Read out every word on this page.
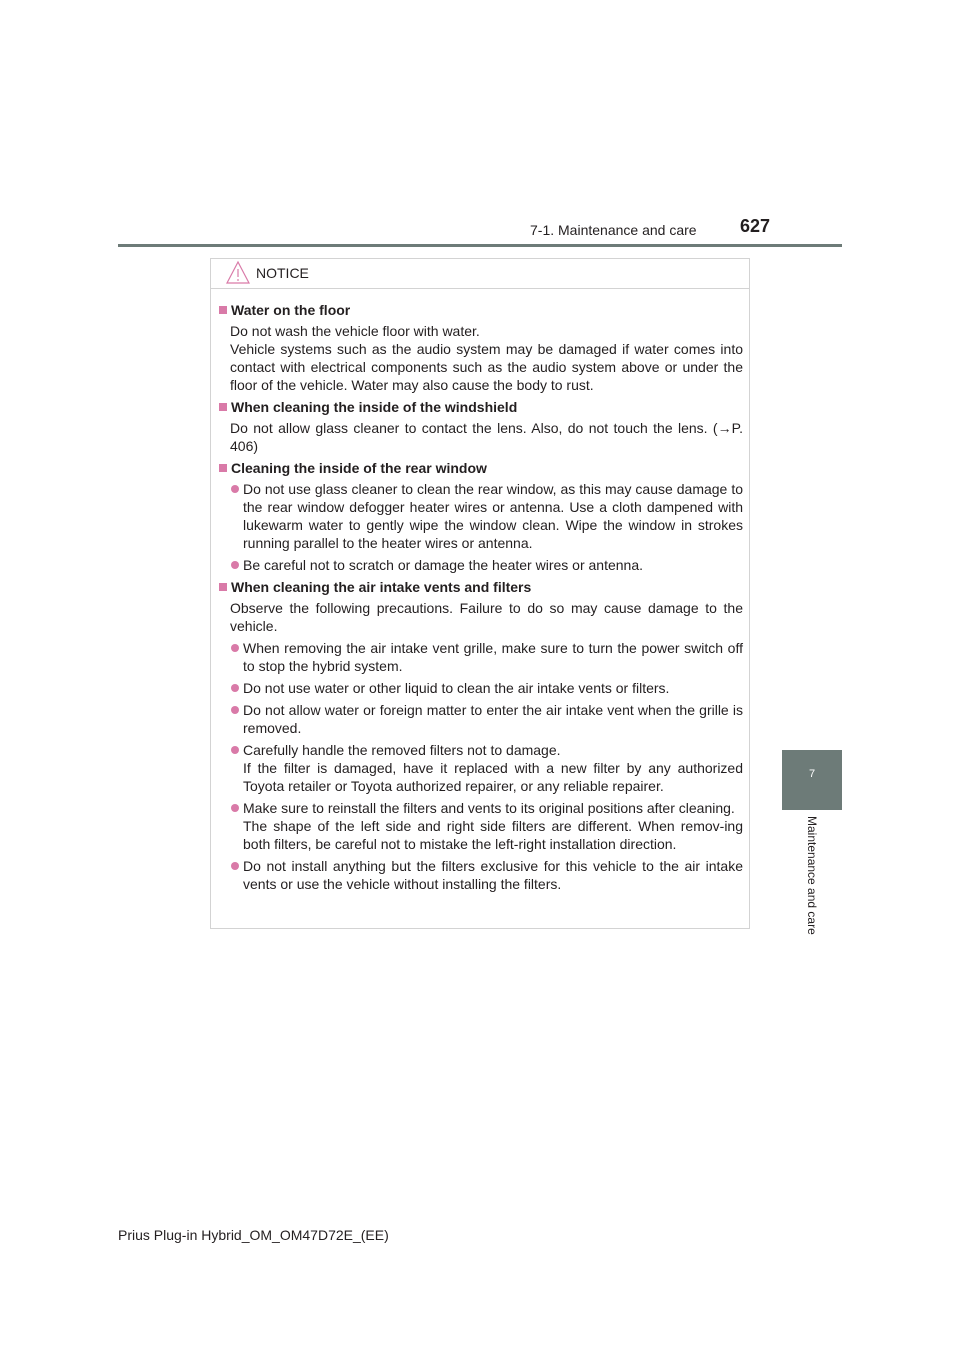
7-1. Maintenance and care 627
7
Maintenance and care
NOTICE
Water on the floor

Do not wash the vehicle floor with water.

Vehicle systems such as the audio system may be damaged if water comes into contact with electrical components such as the audio system above or under the floor of the vehicle. Water may also cause the body to rust.

When cleaning the inside of the windshield

Do not allow glass cleaner to contact the lens. Also, do not touch the lens. (→P. 406)

Cleaning the inside of the rear window

Do not use glass cleaner to clean the rear window, as this may cause damage to the rear window defogger heater wires or antenna. Use a cloth dampened with lukewarm water to gently wipe the window clean. Wipe the window in strokes running parallel to the heater wires or antenna.

Be careful not to scratch or damage the heater wires or antenna.

When cleaning the air intake vents and filters

Observe the following precautions. Failure to do so may cause damage to the vehicle.

When removing the air intake vent grille, make sure to turn the power switch off to stop the hybrid system.

Do not use water or other liquid to clean the air intake vents or filters.

Do not allow water or foreign matter to enter the air intake vent when the grille is removed.

Carefully handle the removed filters not to damage.

If the filter is damaged, have it replaced with a new filter by any authorized Toyota retailer or Toyota authorized repairer, or any reliable repairer.

Make sure to reinstall the filters and vents to its original positions after cleaning.

The shape of the left side and right side filters are different. When remov-ing both filters, be careful not to mistake the left-right installation direction.

Do not install anything but the filters exclusive for this vehicle to the air intake vents or use the vehicle without installing the filters.

Prius Plug-in Hybrid_OM_OM47D72E_(EE)
